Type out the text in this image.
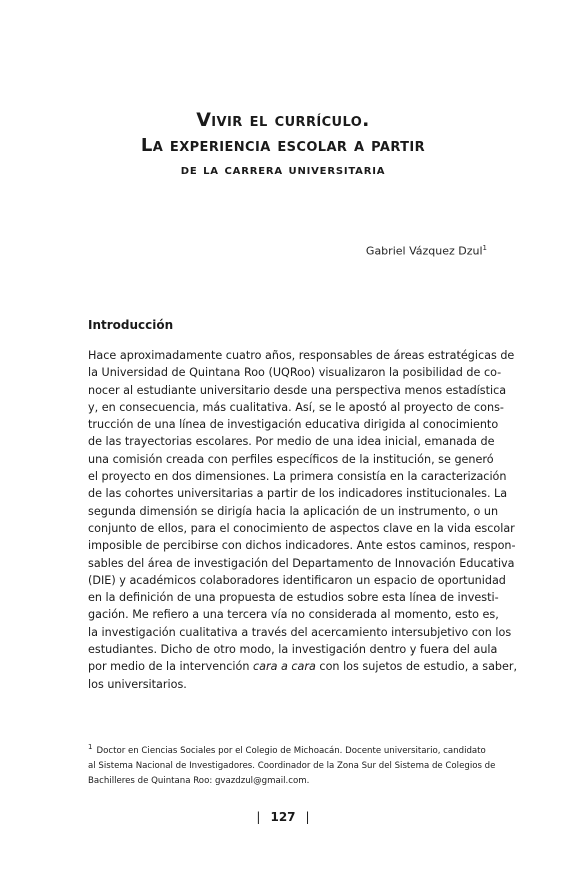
Vivir el currículo.
La experiencia escolar a partir
de la carrera universitaria
Gabriel Vázquez Dzul$^1$
Introducción
Hace aproximadamente cuatro años, responsables de áreas estratégicas de
la Universidad de Quintana Roo (UQRoo) visualizaron la posibilidad de co-
nocer al estudiante universitario desde una perspectiva menos estadística
y, en consecuencia, más cualitativa. Así, se le apostó al proyecto de cons-
trucción de una línea de investigación educativa dirigida al conocimiento
de las trayectorias escolares. Por medio de una idea inicial, emanada de
una comisión creada con perfiles específicos de la institución, se generó
el proyecto en dos dimensiones. La primera consistía en la caracterización
de las cohortes universitarias a partir de los indicadores institucionales. La
segunda dimensión se dirigía hacia la aplicación de un instrumento, o un
conjunto de ellos, para el conocimiento de aspectos clave en la vida escolar
imposible de percibirse con dichos indicadores. Ante estos caminos, respon-
sables del área de investigación del Departamento de Innovación Educativa
(DIE) y académicos colaboradores identificaron un espacio de oportunidad
en la definición de una propuesta de estudios sobre esta línea de investi-
gación. Me refiero a una tercera vía no considerada al momento, esto es,
la investigación cualitativa a través del acercamiento intersubjetivo con los
estudiantes. Dicho de otro modo, la investigación dentro y fuera del aula
por medio de la intervención cara a cara con los sujetos de estudio, a saber,
los universitarios.
$^1$ Doctor en Ciencias Sociales por el Colegio de Michoacán. Docente universitario, candidato
al Sistema Nacional de Investigadores. Coordinador de la Zona Sur del Sistema de Colegios de
Bachilleres de Quintana Roo: gvazdzul@gmail.com.
| 127 |
